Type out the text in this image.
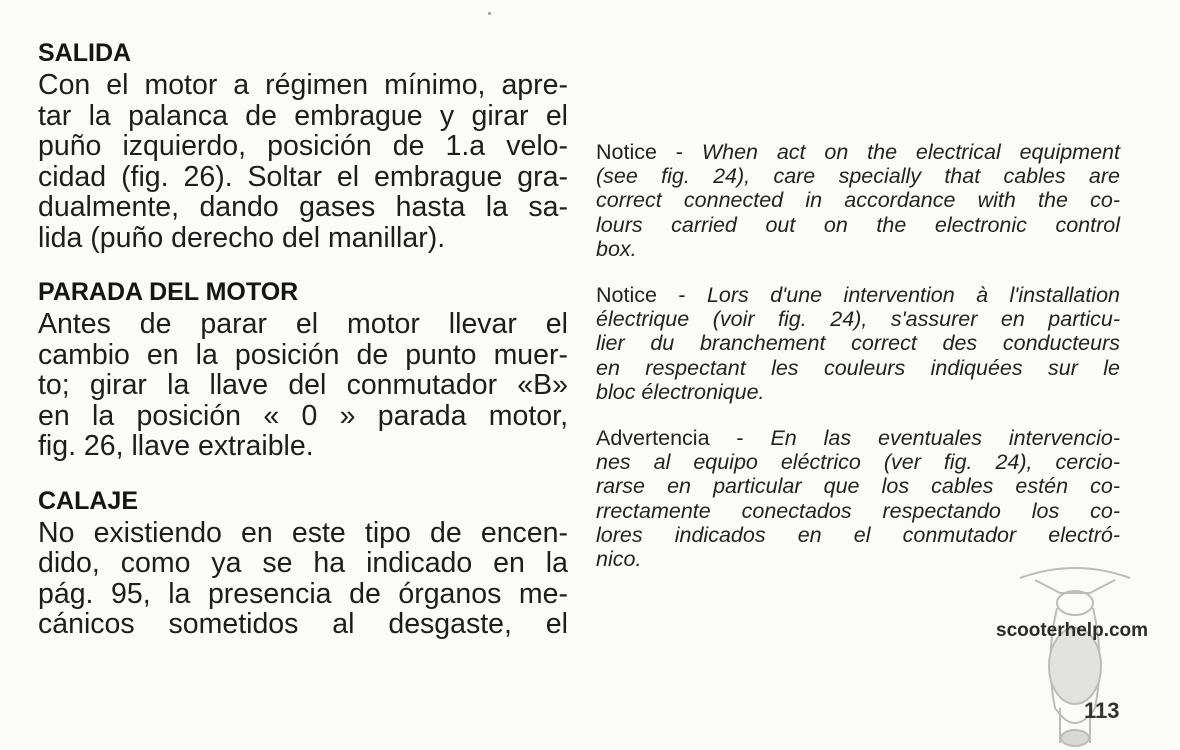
SALIDA
Con el motor a régimen mínimo, apre-
tar la palanca de embrague y girar el
puño izquierdo, posición de 1.a velo-
cidad (fig. 26). Soltar el embrague gra-
dualmente, dando gases hasta la sa-
lida (puño derecho del manillar).
PARADA DEL MOTOR
Antes de parar el motor llevar el
cambio en la posición de punto muer-
to; girar la llave del conmutador «B»
en la posición « 0 » parada motor,
fig. 26, llave extraible.
CALAJE
No existiendo en este tipo de encen-
dido, como ya se ha indicado en la
pág. 95, la presencia de órganos me-
cánicos sometidos al desgaste, el
Notice - When act on the electrical equipment
(see fig. 24), care specially that cables are
correct connected in accordance with the co-
lours carried out on the electronic control
box.
Notice - Lors d'une intervention à l'installation
électrique (voir fig. 24), s'assurer en particu-
lier du branchement correct des conducteurs
en respectant les couleurs indiquées sur le
bloc électronique.
Advertencia - En las eventuales intervencio-
nes al equipo eléctrico (ver fig. 24), cercio-
rarse en particular que los cables estén co-
rrectamente conectados respectando los co-
lores indicados en el conmutador electró-
nico.
scooterhelp.com
113
